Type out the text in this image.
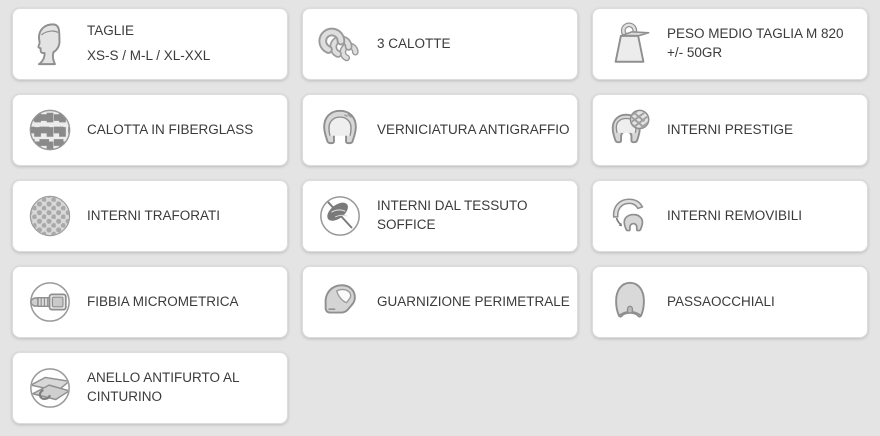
TAGLIE
XS-S / M-L / XL-XXL
3 CALOTTE
PESO MEDIO TAGLIA M 820 +/- 50GR
CALOTTA IN FIBERGLASS	VERNICIATURA ANTIGRAFFIO	INTERNI PRESTIGE
INTERNI TRAFORATI
INTERNI DAL TESSUTO SOFFICE
INTERNI REMOVIBILI
FIBBIA MICROMETRICA	GUARNIZIONE PERIMETRALE	PASSAOCCHIALI
ANELLO ANTIFURTO AL CINTURINO
